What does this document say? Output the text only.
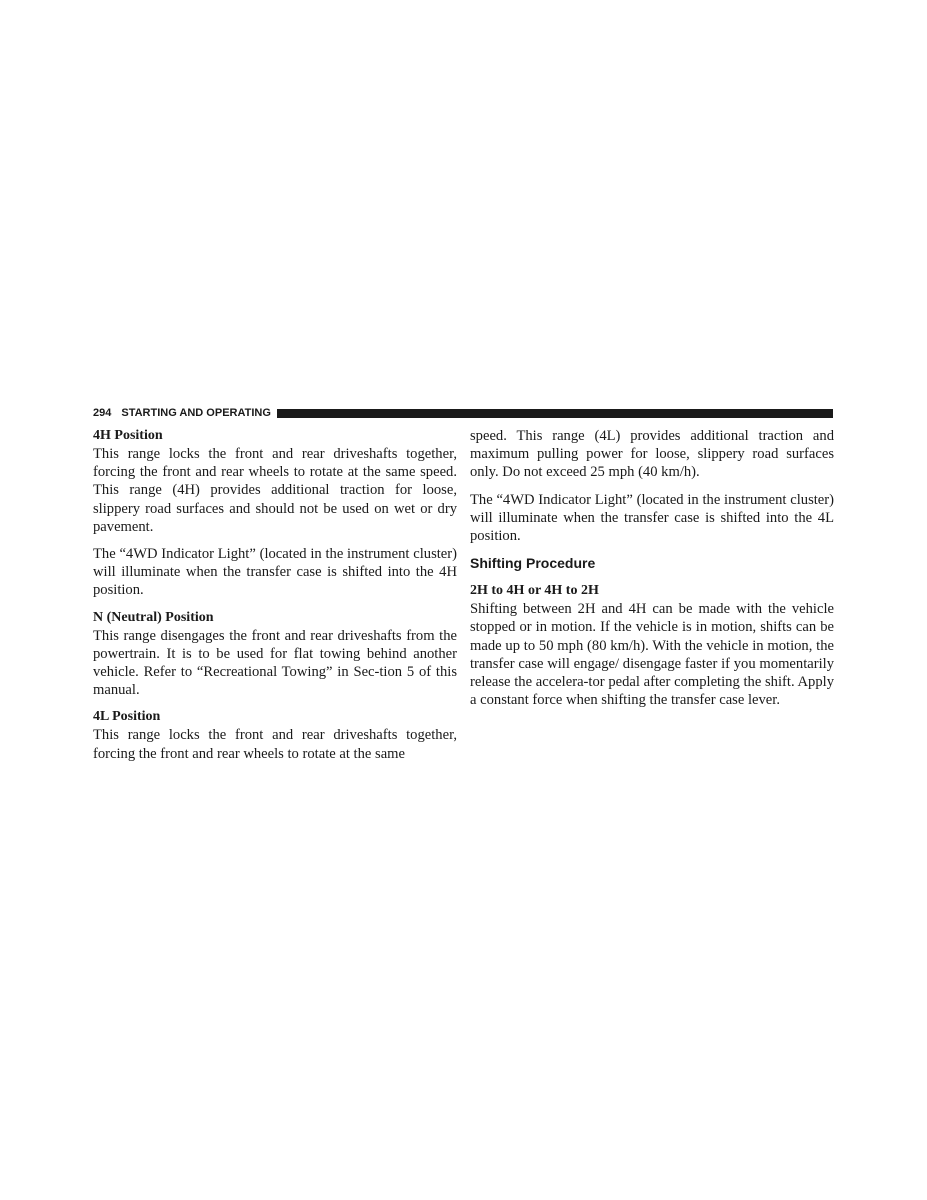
294 STARTING AND OPERATING
4H Position

This range locks the front and rear driveshafts together, forcing the front and rear wheels to rotate at the same speed. This range (4H) provides additional traction for loose, slippery road surfaces and should not be used on wet or dry pavement.

The “4WD Indicator Light” (located in the instrument cluster) will illuminate when the transfer case is shifted into the 4H position.

N (Neutral) Position

This range disengages the front and rear driveshafts from the powertrain. It is to be used for flat towing behind another vehicle. Refer to “Recreational Towing” in Sec-tion 5 of this manual.

4L Position

This range locks the front and rear driveshafts together, forcing the front and rear wheels to rotate at the same

speed. This range (4L) provides additional traction and maximum pulling power for loose, slippery road surfaces only. Do not exceed 25 mph (40 km/h).

The “4WD Indicator Light” (located in the instrument cluster) will illuminate when the transfer case is shifted into the 4L position.

Shifting Procedure
2H to 4H or 4H to 2H

Shifting between 2H and 4H can be made with the vehicle stopped or in motion. If the vehicle is in motion, shifts can be made up to 50 mph (80 km/h). With the vehicle in motion, the transfer case will engage/ disengage faster if you momentarily release the accelera-tor pedal after completing the shift. Apply a constant force when shifting the transfer case lever.
